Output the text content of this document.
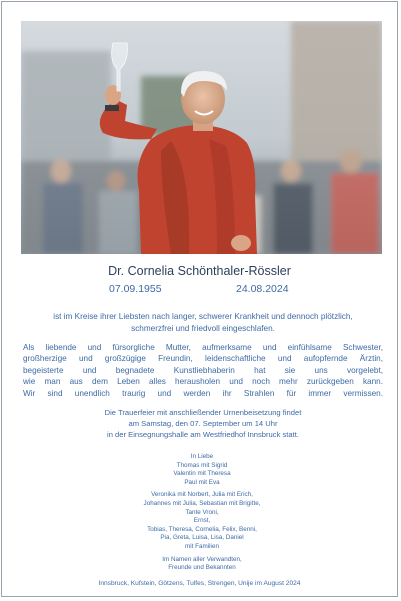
Dr. Cornelia Schönthaler-Rössler
07.09.1955	24.08.2024
ist im Kreise ihrer Liebsten nach langer, schwerer Krankheit und dennoch plötzlich,
schmerzfrei und friedvoll eingeschlafen.
Als liebende und fürsorgliche Mutter, aufmerksame und einfühlsame Schwester,
großherzige und großzügige Freundin, leidenschaftliche und aufopfernde Ärztin,
begeisterte und begnadete Kunstliebhaberin hat sie uns vorgelebt,
wie man aus dem Leben alles herausholen und noch mehr zurückgeben kann.
Wir sind unendlich traurig und werden ihr Strahlen für immer vermissen.
Die Trauerfeier mit anschließender Urnenbeisetzung findet
am Samstag, den 07. September um 14 Uhr
in der Einsegnungshalle am Westfriedhof Innsbruck statt.
In Liebe
Thomas mit Sigrid
Valentin mit Theresa
Paul mit Eva
Veronika mit Norbert, Julia mit Erich,
Johannes mit Julia, Sebastian mit Brigitte,
Tante Vroni,
Ernst,
Tobias, Theresa, Cornelia, Felix, Benni,
Pia, Greta, Luisa, Lisa, Daniel
mit Familien
Im Namen aller Verwandten,
Freunde und Bekannten
Innsbruck, Kufstein, Götzens, Tulfes, Strengen, Unije im August 2024
